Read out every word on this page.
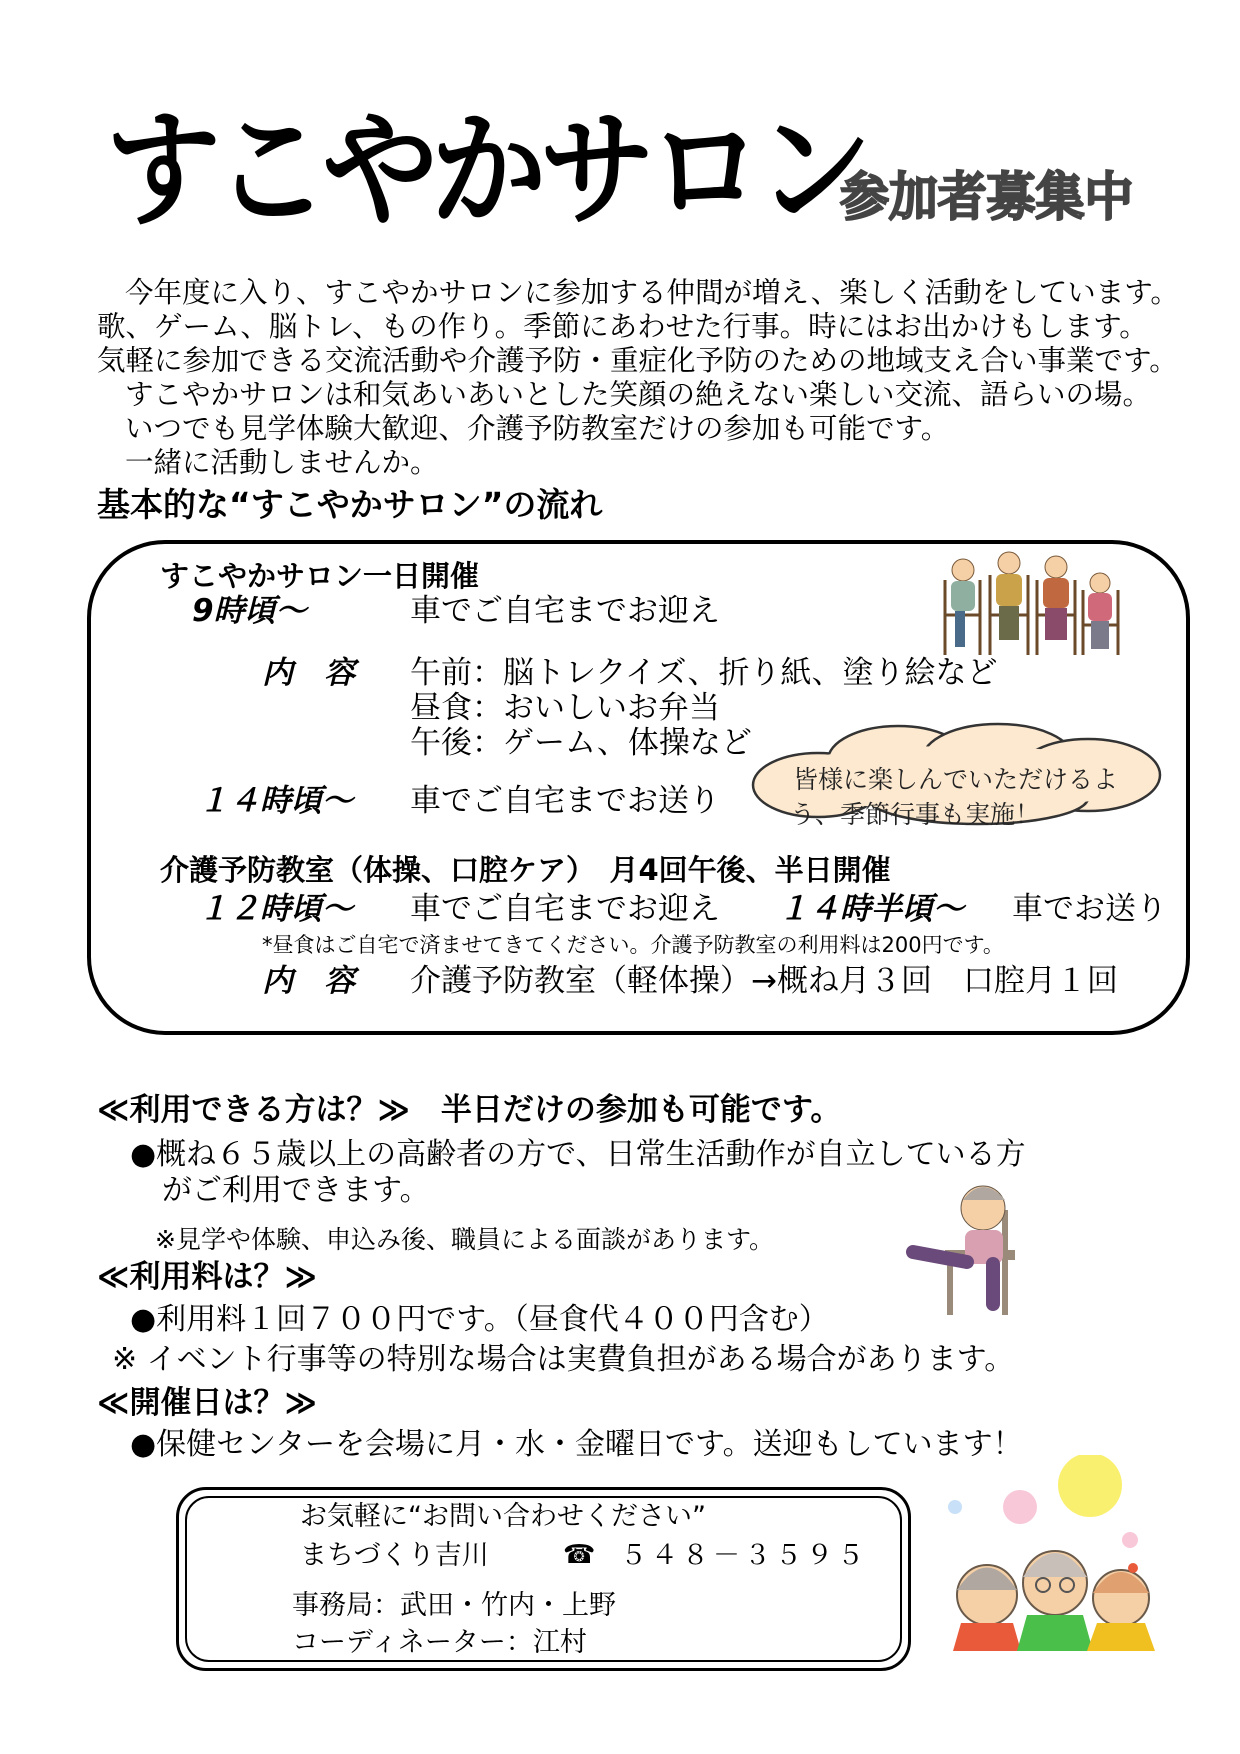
すこやかサロン
参加者募集中
今年度に入り、すこやかサロンに参加する仲間が増え、楽しく活動をしています。
歌、ゲーム、脳トレ、もの作り。季節にあわせた行事。時にはお出かけもします。
気軽に参加できる交流活動や介護予防・重症化予防のための地域支え合い事業です。
すこやかサロンは和気あいあいとした笑顔の絶えない楽しい交流、語らいの場。
いつでも見学体験大歓迎、介護予防教室だけの参加も可能です。
一緒に活動しませんか。
基本的な“すこやかサロン”の流れ
すこやかサロン一日開催
9時頃～	車でご自宅までお迎え
内　容 午前：脳トレクイズ、折り紙、塗り絵など
昼食：おいしいお弁当
午後：ゲーム、体操など
１４時頃～ 車でご自宅までお送り
皆様に楽しんでいただけるよ
う、季節行事も実施！
介護予防教室（体操、口腔ケア）　月4回午後、半日開催
１２時頃～ 車でご自宅までお迎え １４時半頃～ 車でお送り
*昼食はご自宅で済ませてきてください。介護予防教室の利用料は200円です。
内　容 介護予防教室（軽体操）→概ね月３回　口腔月１回
≪利用できる方は？≫　半日だけの参加も可能です。
●概ね６５歳以上の高齢者の方で、日常生活動作が自立している方
がご利用できます。
※見学や体験、申込み後、職員による面談があります。
≪利用料は？≫
●利用料１回７００円です。（昼食代４００円含む）
※ イベント行事等の特別な場合は実費負担がある場合があります。
≪開催日は？≫
●保健センターを会場に月・水・金曜日です。送迎もしています！
お気軽に“お問い合わせください”
まちづくり吉川	☎ ５４８－３５９５
事務局：武田・竹内・上野
コーディネーター：江村
